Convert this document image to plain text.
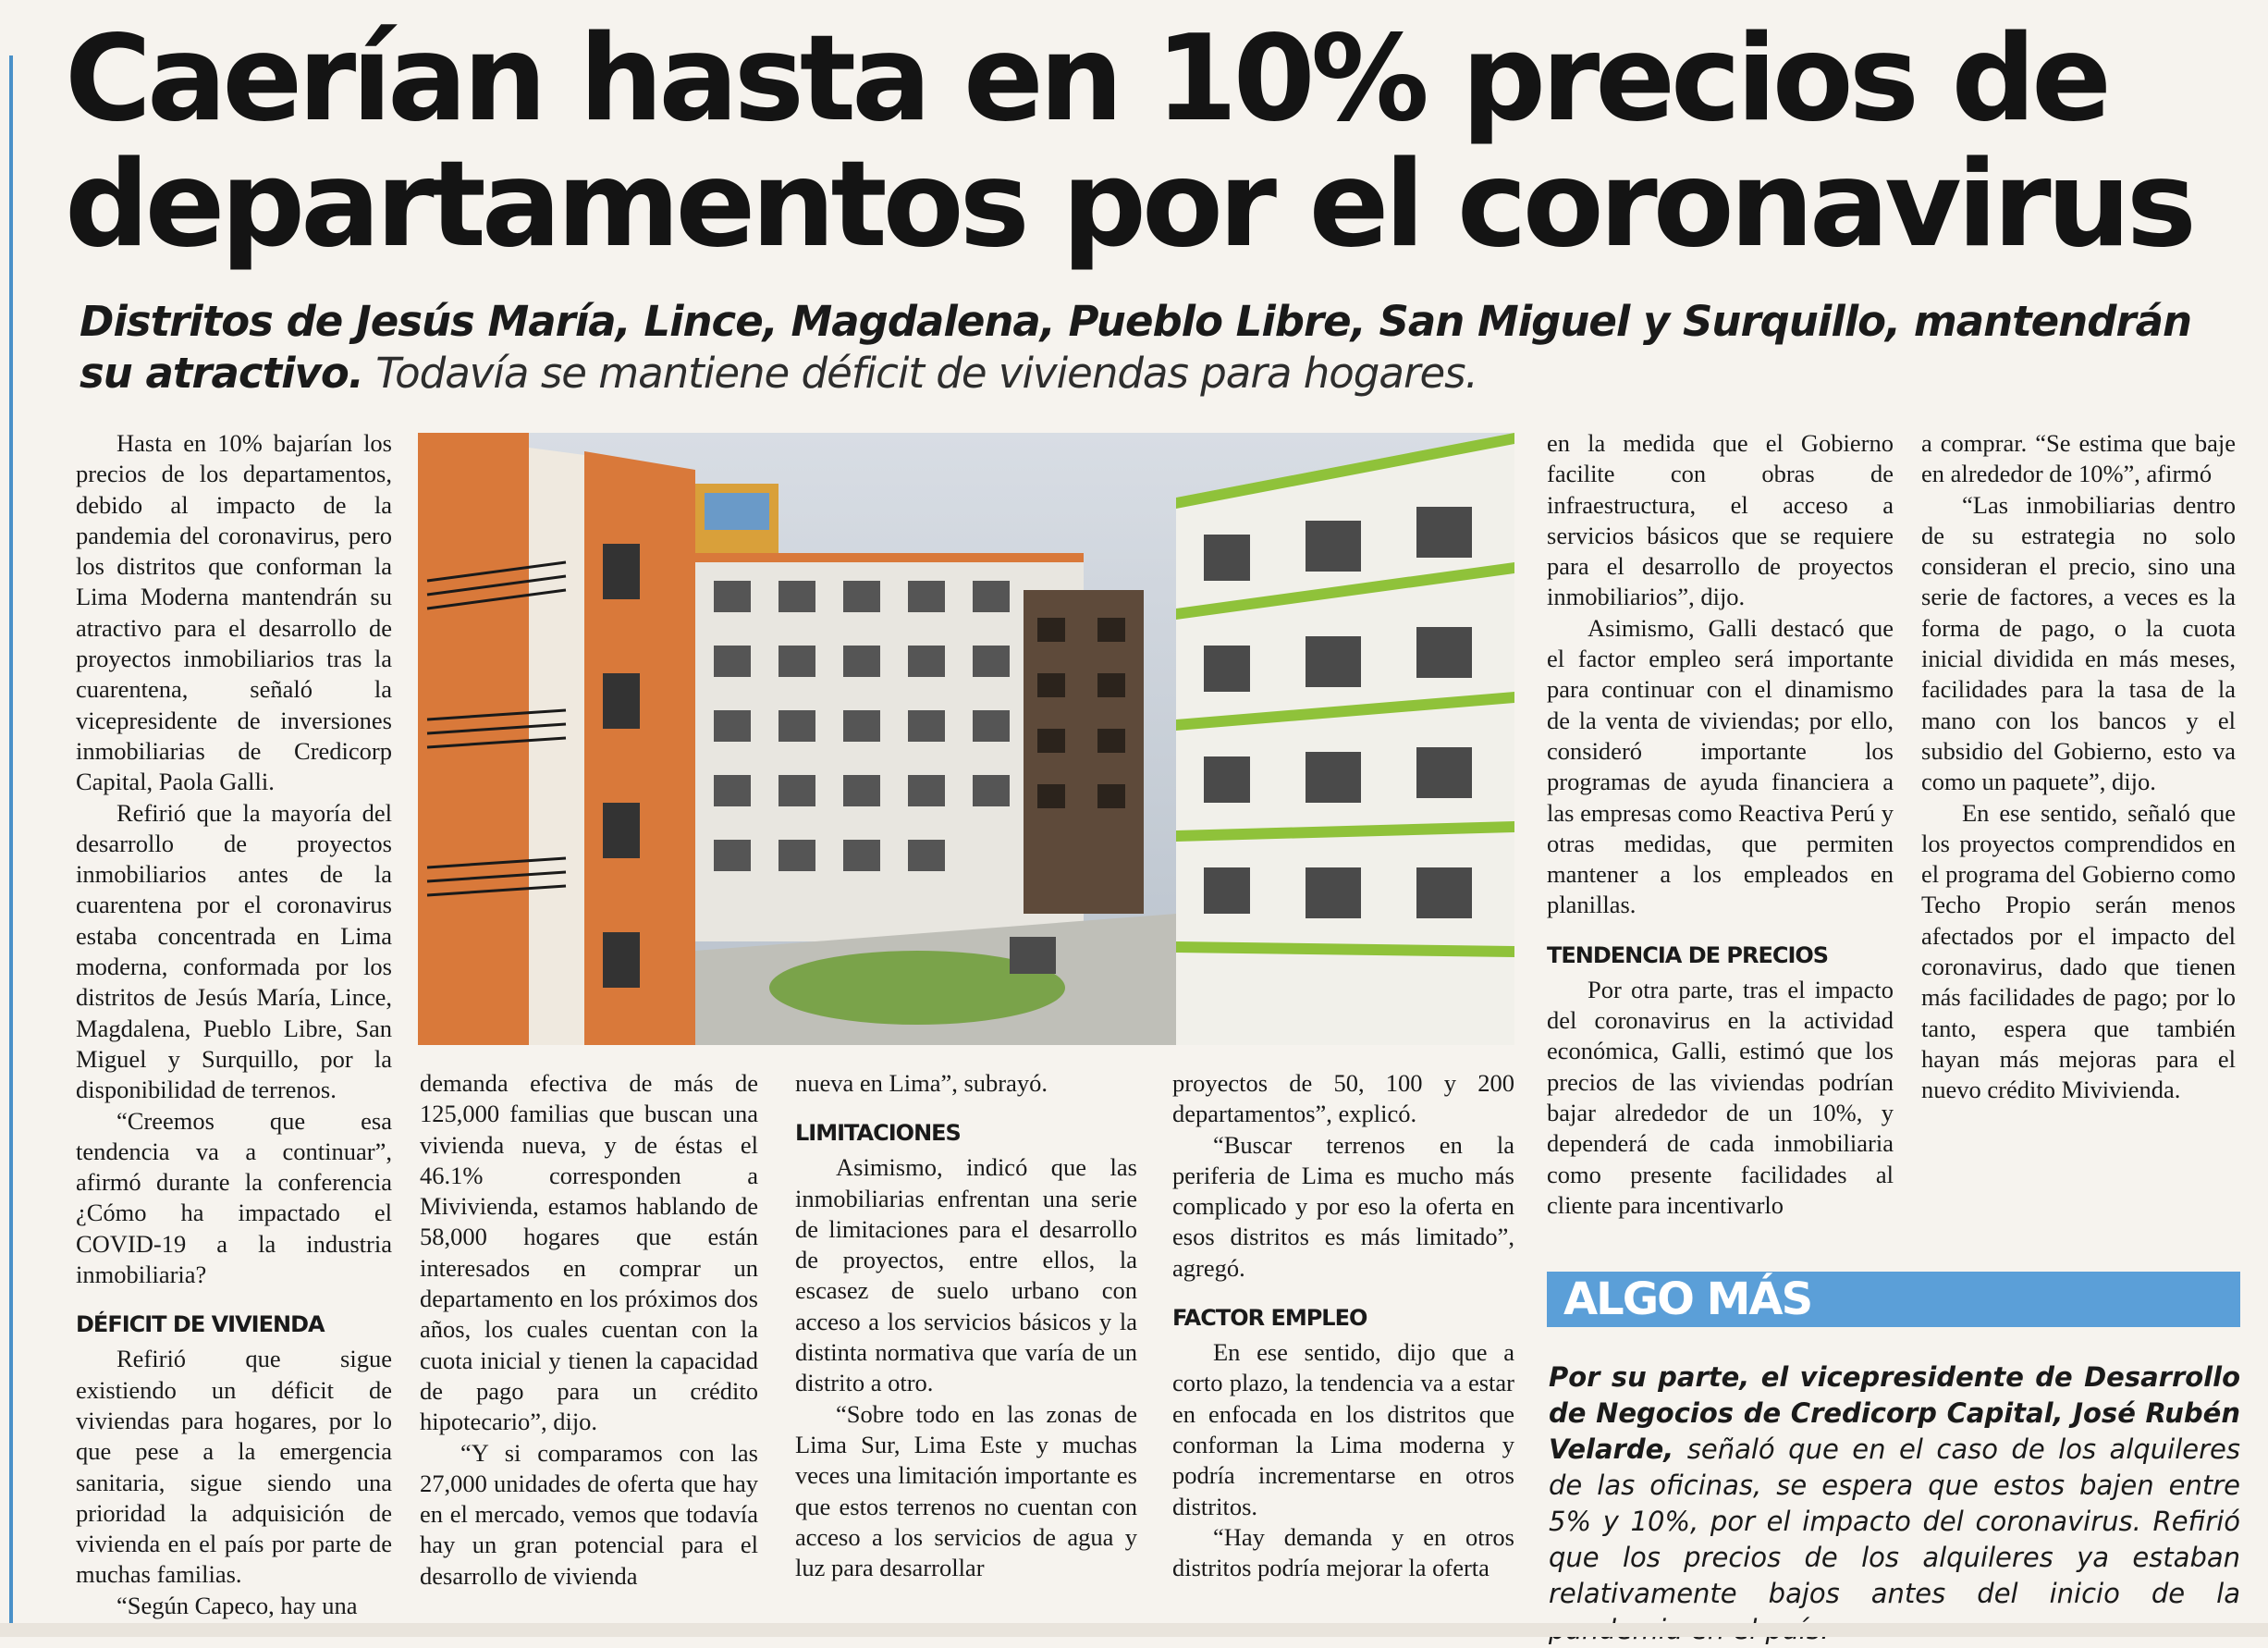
Caerían hasta en 10% precios de
departamentos por el coronavirus
Distritos de Jesús María, Lince, Magdalena, Pueblo Libre, San Miguel y Surquillo, mantendrán su atractivo. Todavía se mantiene déficit de viviendas para hogares.

Hasta en 10% bajarían los precios de los departamentos, debido al impacto de la pandemia del coronavirus, pero los distritos que conforman la Lima Moderna mantendrán su atractivo para el desarrollo de proyectos inmobiliarios tras la cuarentena, señaló la vicepresidente de inversiones inmobiliarias de Credicorp Capital, Paola Galli.

Refirió que la mayoría del desarrollo de proyectos inmobiliarios antes de la cuarentena por el coronavirus estaba concentrada en Lima moderna, conformada por los distritos de Jesús María, Lince, Magdalena, Pueblo Libre, San Miguel y Surquillo, por la disponibilidad de terrenos.

“Creemos que esa tendencia va a continuar”, afirmó durante la conferencia ¿Cómo ha impactado el COVID-19 a la industria inmobiliaria?

DÉFICIT DE VIVIENDA

Refirió que sigue existiendo un déficit de viviendas para hogares, por lo que pese a la emergencia sanitaria, sigue siendo una prioridad la adquisición de vivienda en el país por parte de muchas familias.

“Según Capeco, hay una

demanda efectiva de más de 125,000 familias que buscan una vivienda nueva, y de éstas el 46.1% corresponden a Mivivienda, estamos hablando de 58,000 hogares que están interesados en comprar un departamento en los próximos dos años, los cuales cuentan con la cuota inicial y tienen la capacidad de pago para un crédito hipotecario”, dijo.

“Y si comparamos con las 27,000 unidades de oferta que hay en el mercado, vemos que todavía hay un gran potencial para el desarrollo de vivienda

nueva en Lima”, subrayó.

LIMITACIONES

Asimismo, indicó que las inmobiliarias enfrentan una serie de limitaciones para el desarrollo de proyectos, entre ellos, la escasez de suelo urbano con acceso a los servicios básicos y la distinta normativa que varía de un distrito a otro.

“Sobre todo en las zonas de Lima Sur, Lima Este y muchas veces una limitación importante es que estos terrenos no cuentan con acceso a los servicios de agua y luz para desarrollar

proyectos de 50, 100 y 200 departamentos”, explicó.

“Buscar terrenos en la periferia de Lima es mucho más complicado y por eso la oferta en esos distritos es más limitado”, agregó.

FACTOR EMPLEO

En ese sentido, dijo que a corto plazo, la tendencia va a estar en enfocada en los distritos que conforman la Lima moderna y podría incrementarse en otros distritos.

“Hay demanda y en otros distritos podría mejorar la oferta

en la medida que el Gobierno facilite con obras de infraestructura, el acceso a servicios básicos que se requiere para el desarrollo de proyectos inmobiliarios”, dijo.

Asimismo, Galli destacó que el factor empleo será importante para continuar con el dinamismo de la venta de viviendas; por ello, consideró importante los programas de ayuda financiera a las empresas como Reactiva Perú y otras medidas, que permiten mantener a los empleados en planillas.

TENDENCIA DE PRECIOS

Por otra parte, tras el impacto del coronavirus en la actividad económica, Galli, estimó que los precios de las viviendas podrían bajar alrededor de un 10%, y dependerá de cada inmobiliaria como presente facilidades al cliente para incentivarlo

a comprar. “Se estima que baje en alrededor de 10%”, afirmó

“Las inmobiliarias dentro de su estrategia no solo consideran el precio, sino una serie de factores, a veces es la forma de pago, o la cuota inicial dividida en más meses, facilidades para la tasa de la mano con los bancos y el subsidio del Gobierno, esto va como un paquete”, dijo.

En ese sentido, señaló que los proyectos comprendidos en el programa del Gobierno como Techo Propio serán menos afectados por el impacto del coronavirus, dado que tienen más facilidades de pago; por lo tanto, espera que también hayan más mejoras para el nuevo crédito Mivivienda.

ALGO MÁS
Por su parte, el vicepresidente de Desarrollo de Negocios de Credicorp Capital, José Rubén Velarde, señaló que en el caso de los alquileres de las oficinas, se espera que estos bajen entre 5% y 10%, por el impacto del coronavirus. Refirió que los precios de los alquileres ya estaban relativamente bajos antes del inicio de la
